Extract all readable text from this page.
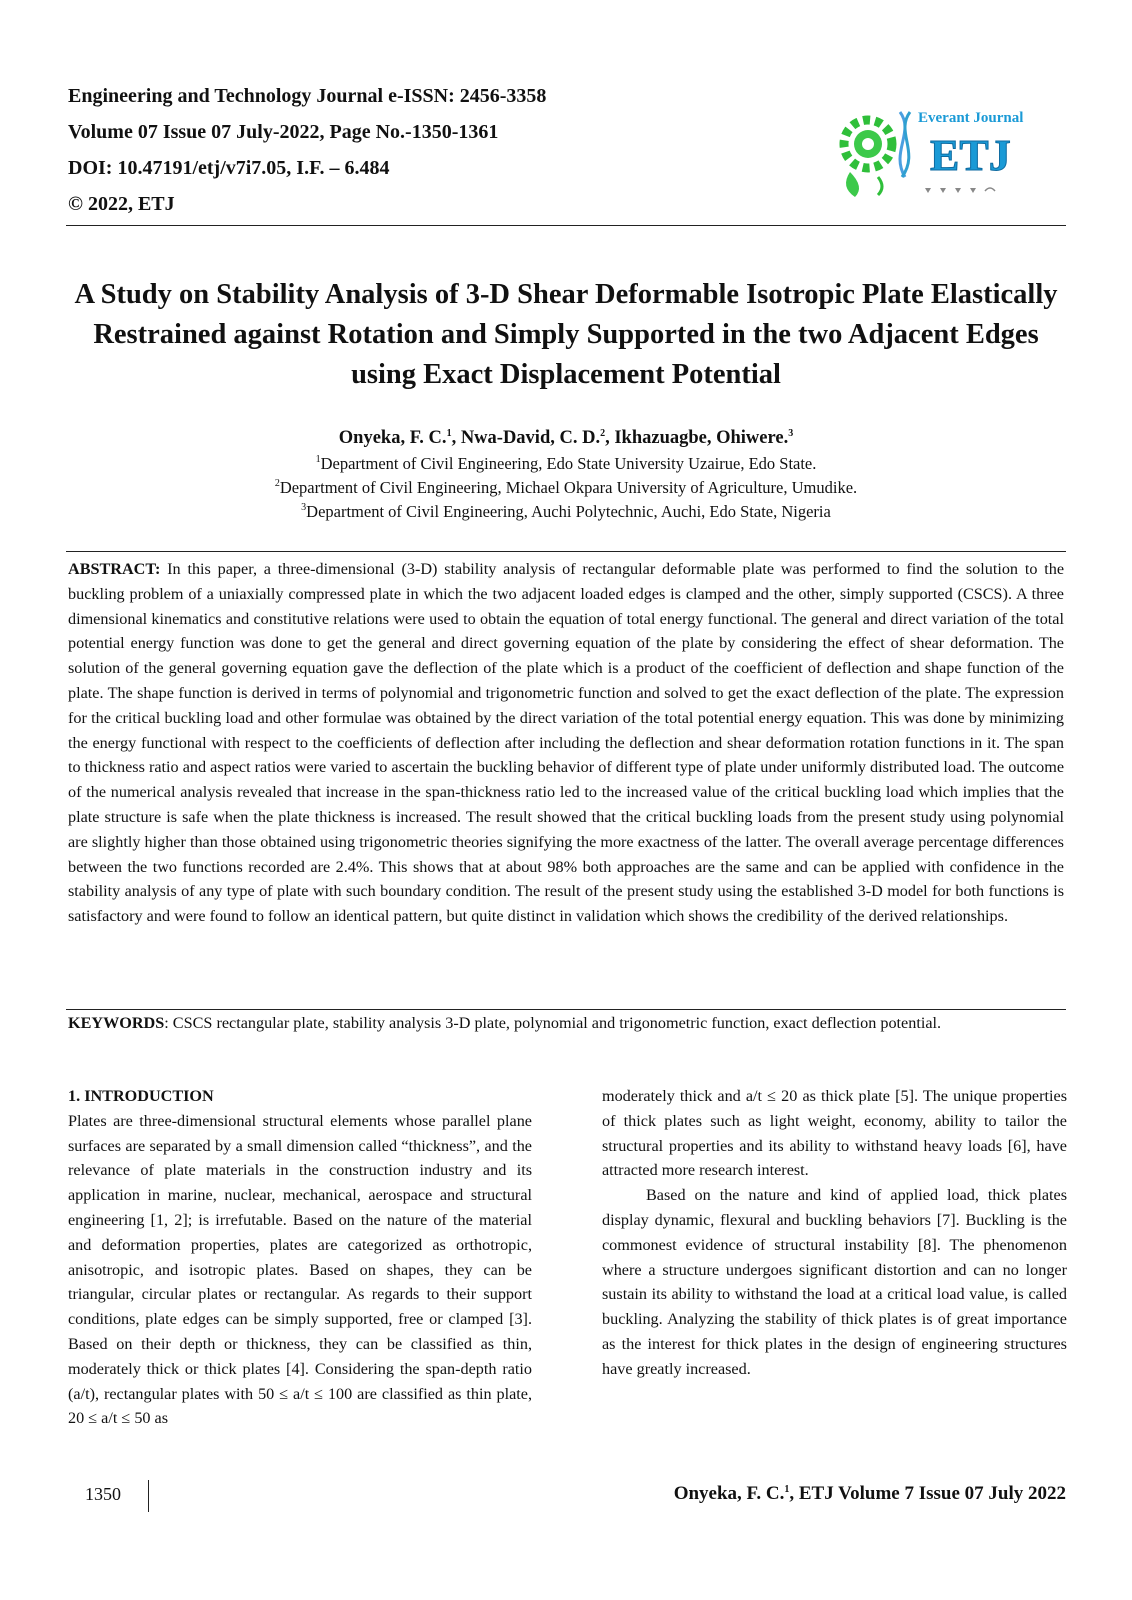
Engineering and Technology Journal e-ISSN: 2456-3358
Volume 07 Issue 07 July-2022, Page No.-1350-1361
DOI: 10.47191/etj/v7i7.05, I.F. – 6.484
© 2022, ETJ
Everant Journal
ETJ
A Study on Stability Analysis of 3-D Shear Deformable Isotropic Plate Elastically Restrained against Rotation and Simply Supported in the two Adjacent Edges using Exact Displacement Potential
Onyeka, F. C.$^1$, Nwa-David, C. D.$^2$, Ikhazuagbe, Ohiwere.$^3$
$^1$Department of Civil Engineering, Edo State University Uzairue, Edo State.
$^2$Department of Civil Engineering, Michael Okpara University of Agriculture, Umudike.
$^3$Department of Civil Engineering, Auchi Polytechnic, Auchi, Edo State, Nigeria
ABSTRACT: In this paper, a three-dimensional (3-D) stability analysis of rectangular deformable plate was performed to find the solution to the buckling problem of a uniaxially compressed plate in which the two adjacent loaded edges is clamped and the other, simply supported (CSCS). A three dimensional kinematics and constitutive relations were used to obtain the equation of total energy functional. The general and direct variation of the total potential energy function was done to get the general and direct governing equation of the plate by considering the effect of shear deformation. The solution of the general governing equation gave the deflection of the plate which is a product of the coefficient of deflection and shape function of the plate. The shape function is derived in terms of polynomial and trigonometric function and solved to get the exact deflection of the plate. The expression for the critical buckling load and other formulae was obtained by the direct variation of the total potential energy equation. This was done by minimizing the energy functional with respect to the coefficients of deflection after including the deflection and shear deformation rotation functions in it. The span to thickness ratio and aspect ratios were varied to ascertain the buckling behavior of different type of plate under uniformly distributed load. The outcome of the numerical analysis revealed that increase in the span-thickness ratio led to the increased value of the critical buckling load which implies that the plate structure is safe when the plate thickness is increased. The result showed that the critical buckling loads from the present study using polynomial are slightly higher than those obtained using trigonometric theories signifying the more exactness of the latter. The overall average percentage differences between the two functions recorded are 2.4%. This shows that at about 98% both approaches are the same and can be applied with confidence in the stability analysis of any type of plate with such boundary condition. The result of the present study using the established 3-D model for both functions is satisfactory and were found to follow an identical pattern, but quite distinct in validation which shows the credibility of the derived relationships.
KEYWORDS: CSCS rectangular plate, stability analysis 3-D plate, polynomial and trigonometric function, exact deflection potential.
1. INTRODUCTION

Plates are three-dimensional structural elements whose parallel plane surfaces are separated by a small dimension called “thickness”, and the relevance of plate materials in the construction industry and its application in marine, nuclear, mechanical, aerospace and structural engineering [1, 2]; is irrefutable. Based on the nature of the material and deformation properties, plates are categorized as orthotropic, anisotropic, and isotropic plates. Based on shapes, they can be triangular, circular plates or rectangular. As regards to their support conditions, plate edges can be simply supported, free or clamped [3]. Based on their depth or thickness, they can be classified as thin, moderately thick or thick plates [4]. Considering the span-depth ratio (a/t), rectangular plates with 50 ≤ a/t ≤ 100 are classified as thin plate, 20 ≤ a/t ≤ 50 as

moderately thick and a/t ≤ 20 as thick plate [5]. The unique properties of thick plates such as light weight, economy, ability to tailor the structural properties and its ability to withstand heavy loads [6], have attracted more research interest.

Based on the nature and kind of applied load, thick plates display dynamic, flexural and buckling behaviors [7]. Buckling is the commonest evidence of structural instability [8]. The phenomenon where a structure undergoes significant distortion and can no longer sustain its ability to withstand the load at a critical load value, is called buckling. Analyzing the stability of thick plates is of great importance as the interest for thick plates in the design of engineering structures have greatly increased.

1350	Onyeka, F. C.$^1$, ETJ Volume 7 Issue 07 July 2022
